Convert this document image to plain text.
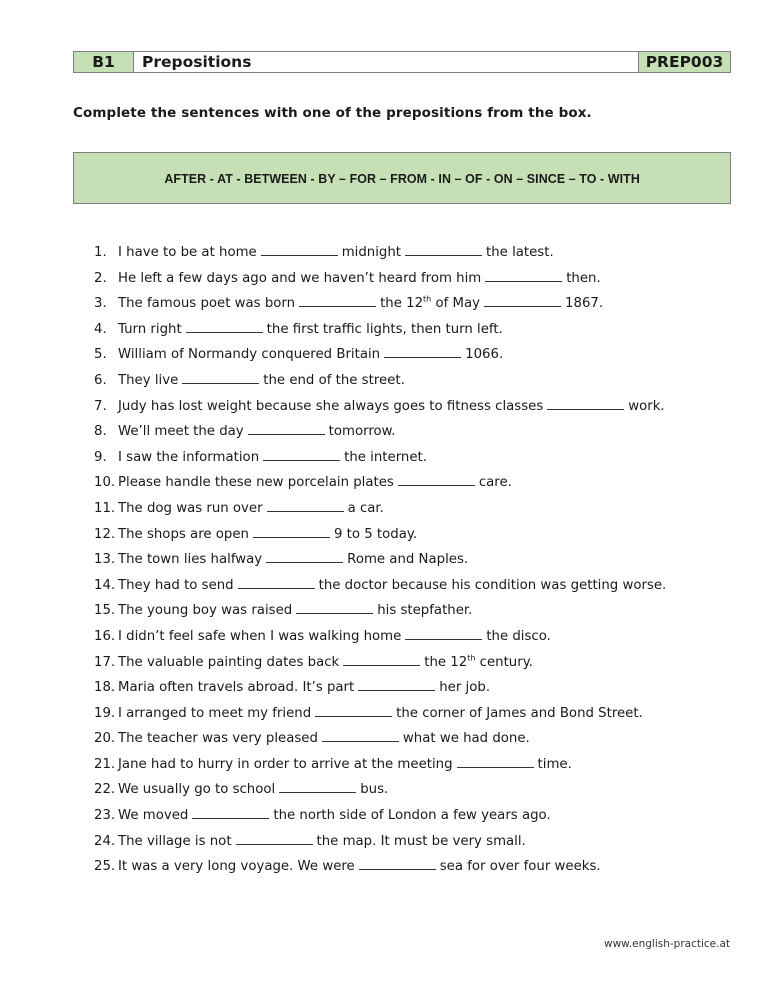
B1	Prepositions	PREP003
Complete the sentences with one of the prepositions from the box.
AFTER - AT - BETWEEN - BY – FOR – FROM - IN – OF - ON – SINCE – TO - WITH
1. I have to be at home	midnight	the latest.
2. He left a few days ago and we haven’t heard from him	then.
3. The famous poet was born	the 12th of May	1867.
4. Turn right	the first traffic lights, then turn left.
5. William of Normandy conquered Britain	1066.
6. They live	the end of the street.
7. Judy has lost weight because she always goes to fitness classes	work.
8. We’ll meet the day	tomorrow.
9. I saw the information	the internet.
10. Please handle these new porcelain plates	care.
11. The dog was run over	a car.
12. The shops are open	9 to 5 today.
13. The town lies halfway	Rome and Naples.
14. They had to send	the doctor because his condition was getting worse.
15. The young boy was raised	his stepfather.
16. I didn’t feel safe when I was walking home	the disco.
17. The valuable painting dates back	the 12th century.
18. Maria often travels abroad. It’s part	her job.
19. I arranged to meet my friend	the corner of James and Bond Street.
20. The teacher was very pleased	what we had done.
21. Jane had to hurry in order to arrive at the meeting	time.
22. We usually go to school	bus.
23. We moved	the north side of London a few years ago.
24. The village is not	the map. It must be very small.
25. It was a very long voyage. We were	sea for over four weeks.
www.english-practice.at
